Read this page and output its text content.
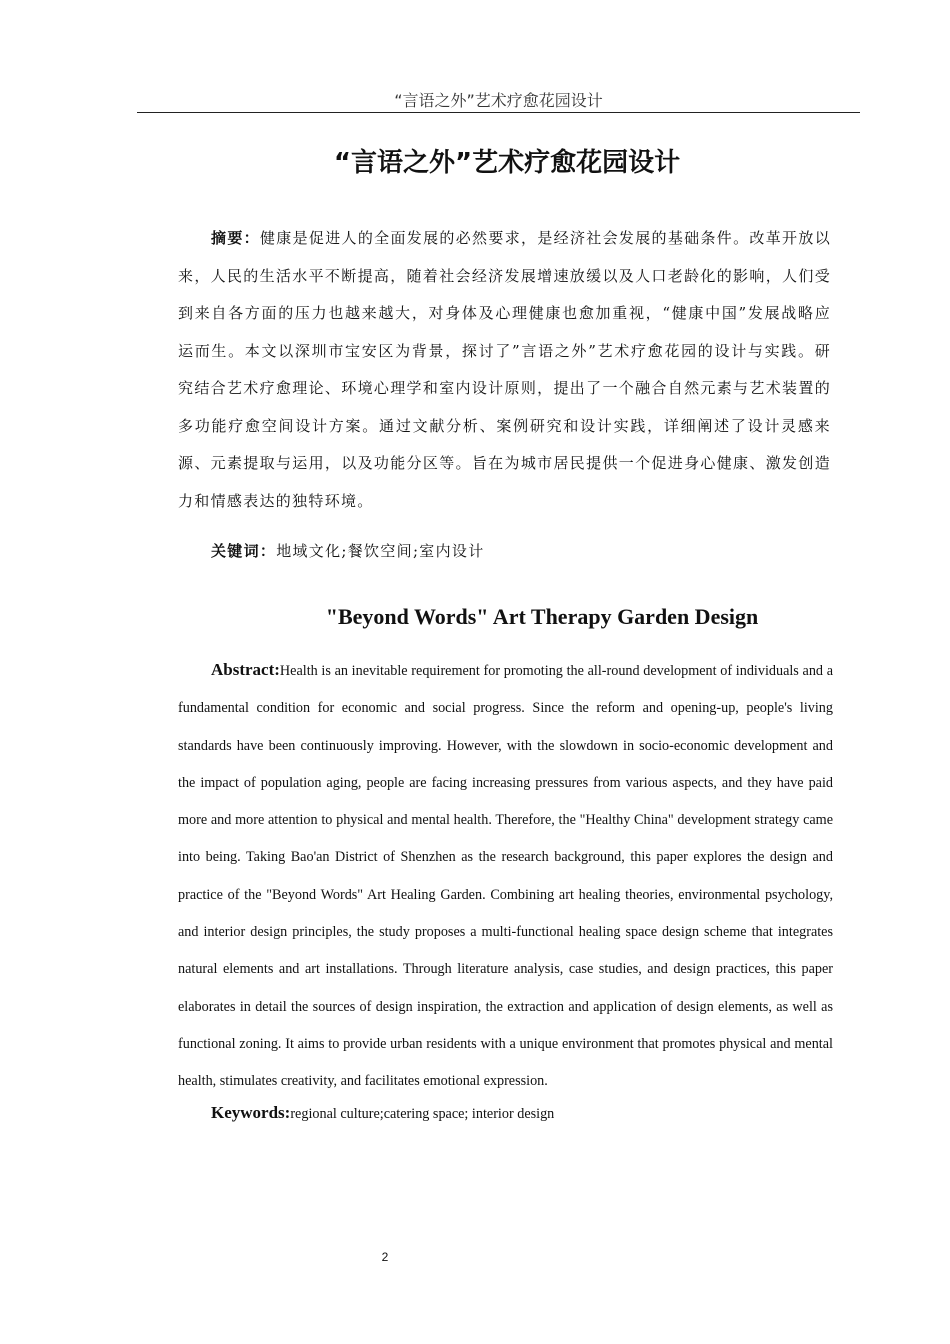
“言语之外”艺术疗愈花园设计
“言语之外”艺术疗愈花园设计

摘要：健康是促进人的全面发展的必然要求，是经济社会发展的基础条件。改革开放以来，人民的生活水平不断提高，随着社会经济发展增速放缓以及人口老龄化的影响，人们受到来自各方面的压力也越来越大，对身体及心理健康也愈加重视，“健康中国”发展战略应运而生。本文以深圳市宝安区为背景，探讨了”言语之外”艺术疗愈花园的设计与实践。研究结合艺术疗愈理论、环境心理学和室内设计原则，提出了一个融合自然元素与艺术装置的多功能疗愈空间设计方案。通过文献分析、案例研究和设计实践，详细阐述了设计灵感来源、元素提取与运用，以及功能分区等。旨在为城市居民提供一个促进身心健康、激发创造力和情感表达的独特环境。

关键词：地域文化;餐饮空间;室内设计

"Beyond Words" Art Therapy Garden Design

Abstract:Health is an inevitable requirement for promoting the all-round development of individuals and a fundamental condition for economic and social progress. Since the reform and opening-up, people's living standards have been continuously improving. However, with the slowdown in socio-economic development and the impact of population aging, people are facing increasing pressures from various aspects, and they have paid more and more attention to physical and mental health. Therefore, the "Healthy China" development strategy came into being. Taking Bao'an District of Shenzhen as the research background, this paper explores the design and practice of the "Beyond Words" Art Healing Garden. Combining art healing theories, environmental psychology, and interior design principles, the study proposes a multi-functional healing space design scheme that integrates natural elements and art installations. Through literature analysis, case studies, and design practices, this paper elaborates in detail the sources of design inspiration, the extraction and application of design elements, as well as functional zoning. It aims to provide urban residents with a unique environment that promotes physical and mental health, stimulates creativity, and facilitates emotional expression.

Keywords:regional culture;catering space; interior design

2
